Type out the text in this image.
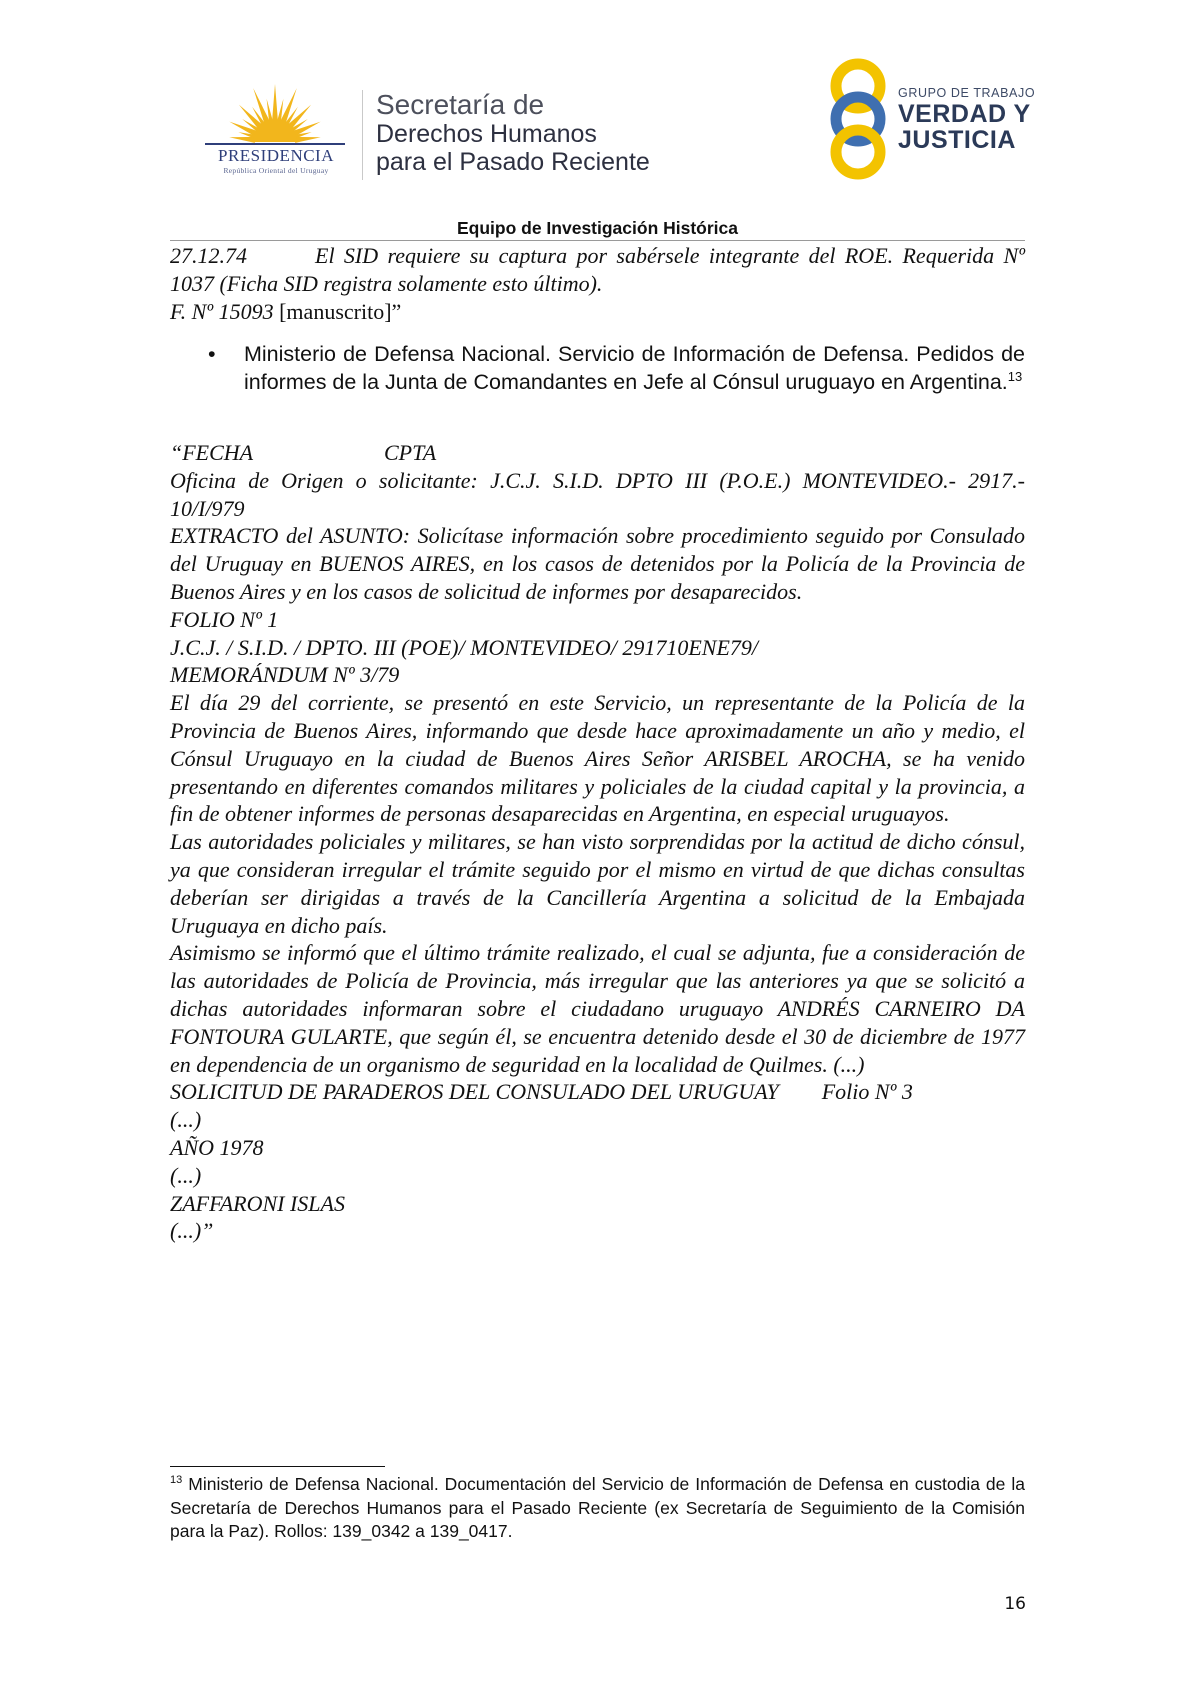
PRESIDENCIA
República Oriental del Uruguay
Secretaría de
Derechos Humanos
para el Pasado Reciente
GRUPO DE TRABAJO
VERDAD Y
JUSTICIA
Equipo de Investigación Histórica
27.12.74	El SID requiere su captura por sabérsele integrante del ROE. Requerida Nº 1037 (Ficha SID registra solamente esto último).
F. Nº 15093 [manuscrito]”
•	Ministerio de Defensa Nacional. Servicio de Información de Defensa. Pedidos de informes de la Junta de Comandantes en Jefe al Cónsul uruguayo en Argentina.$^{13}$

“FECHA	CPTA

Oficina de Origen o solicitante: J.C.J. S.I.D. DPTO III (P.O.E.) MONTEVIDEO.- 2917.- 10/I/979

EXTRACTO del ASUNTO: Solicítase información sobre procedimiento seguido por Consulado del Uruguay en BUENOS AIRES, en los casos de detenidos por la Policía de la Provincia de Buenos Aires y en los casos de solicitud de informes por desaparecidos.

FOLIO Nº 1

J.C.J. / S.I.D. / DPTO. III (POE)/ MONTEVIDEO/ 291710ENE79/

MEMORÁNDUM Nº 3/79

El día 29 del corriente, se presentó en este Servicio, un representante de la Policía de la Provincia de Buenos Aires, informando que desde hace aproximadamente un año y medio, el Cónsul Uruguayo en la ciudad de Buenos Aires Señor ARISBEL AROCHA, se ha venido presentando en diferentes comandos militares y policiales de la ciudad capital y la provincia, a fin de obtener informes de personas desaparecidas en Argentina, en especial uruguayos.

Las autoridades policiales y militares, se han visto sorprendidas por la actitud de dicho cónsul, ya que consideran irregular el trámite seguido por el mismo en virtud de que dichas consultas deberían ser dirigidas a través de la Cancillería Argentina a solicitud de la Embajada Uruguaya en dicho país.

Asimismo se informó que el último trámite realizado, el cual se adjunta, fue a consideración de las autoridades de Policía de Provincia, más irregular que las anteriores ya que se solicitó a dichas autoridades informaran sobre el ciudadano uruguayo ANDRÉS CARNEIRO DA FONTOURA GULARTE, que según él, se encuentra detenido desde el 30 de diciembre de 1977 en dependencia de un organismo de seguridad en la localidad de Quilmes. (...)

SOLICITUD DE PARADEROS DEL CONSULADO DEL URUGUAY Folio Nº 3

(...)

AÑO 1978

(...)

ZAFFARONI ISLAS

(...)”

$^{13}$ Ministerio de Defensa Nacional. Documentación del Servicio de Información de Defensa en custodia de la Secretaría de Derechos Humanos para el Pasado Reciente (ex Secretaría de Seguimiento de la Comisión para la Paz). Rollos: 139_0342 a 139_0417.
16
